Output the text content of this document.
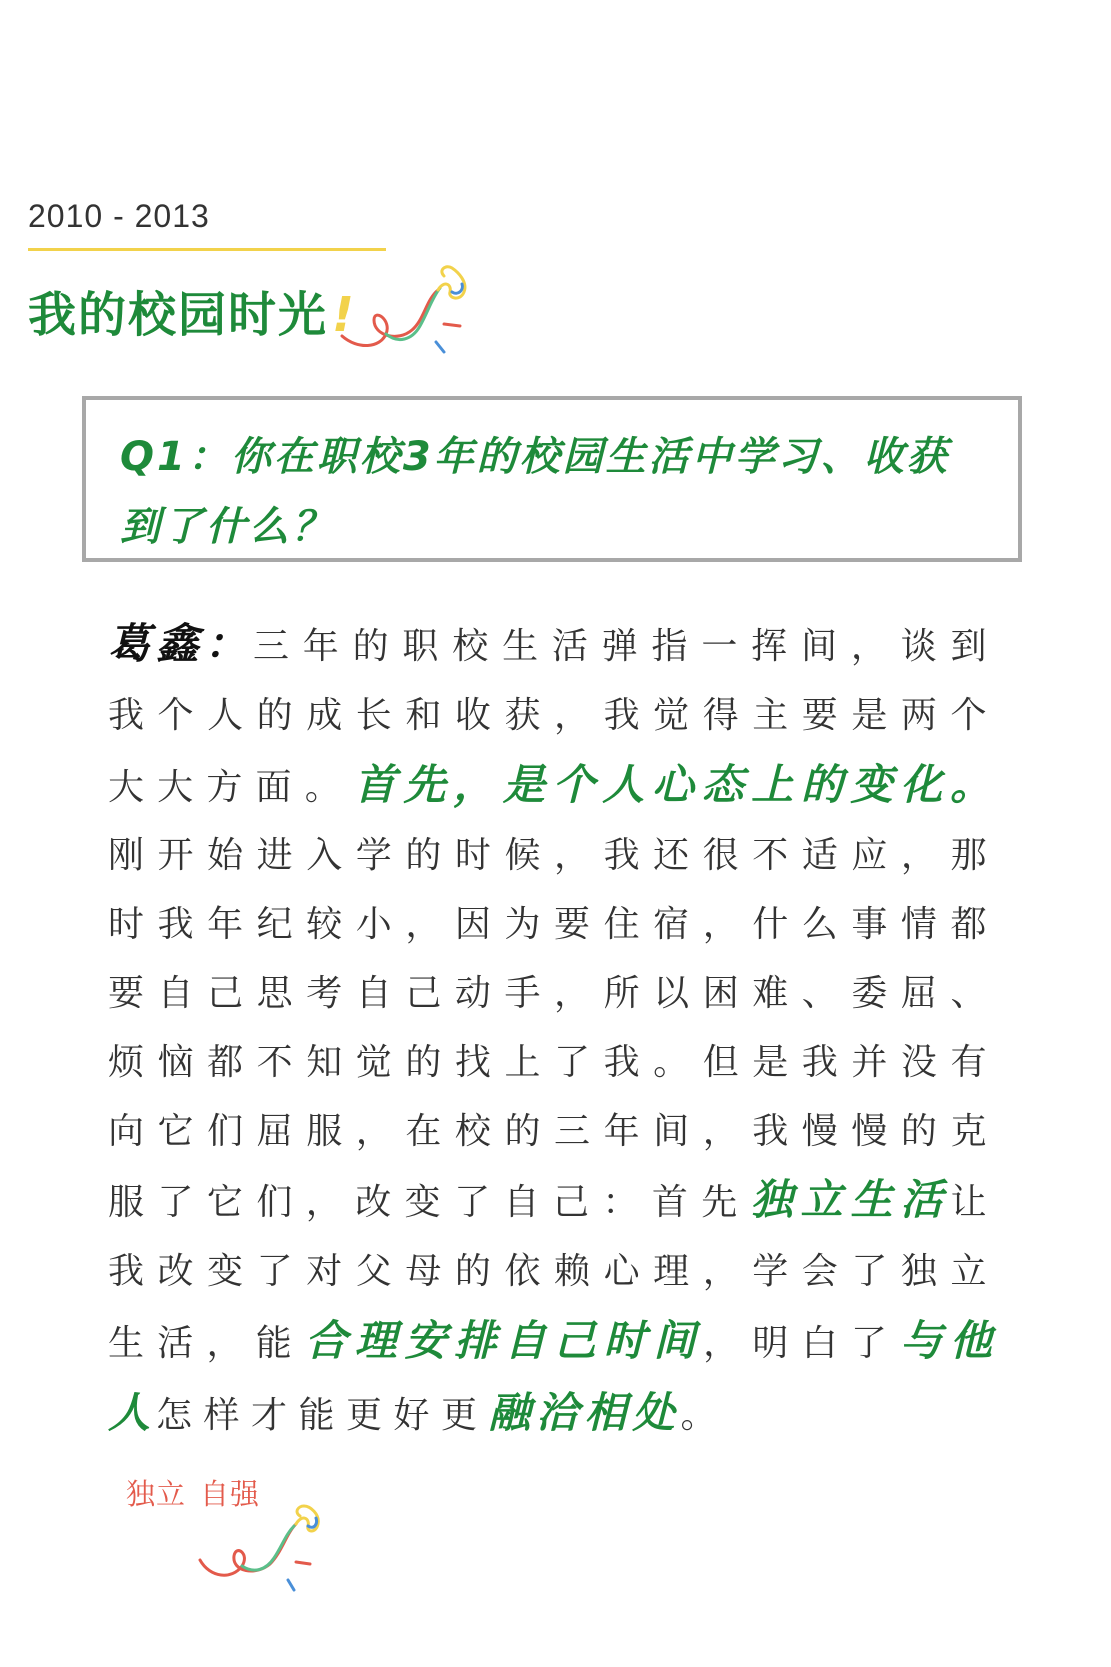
2010 - 2013
我的校园时光!
Q1：你在职校3年的校园生活中学习、收获到了什么？
葛鑫：三年的职校生活弹指一挥间，谈到我个人的成长和收获，我觉得主要是两个大大方面。首先，是个人心态上的变化。刚开始进入学的时候，我还很不适应，那时我年纪较小，因为要住宿，什么事情都要自己思考自己动手，所以困难、委屈、烦恼都不知觉的找上了我。但是我并没有向它们屈服，在校的三年间，我慢慢的克服了它们，改变了自己：首先独立生活让我改变了对父母的依赖心理，学会了独立生活，能合理安排自己时间，明白了与他人怎样才能更好更融洽相处。
独立 自强
